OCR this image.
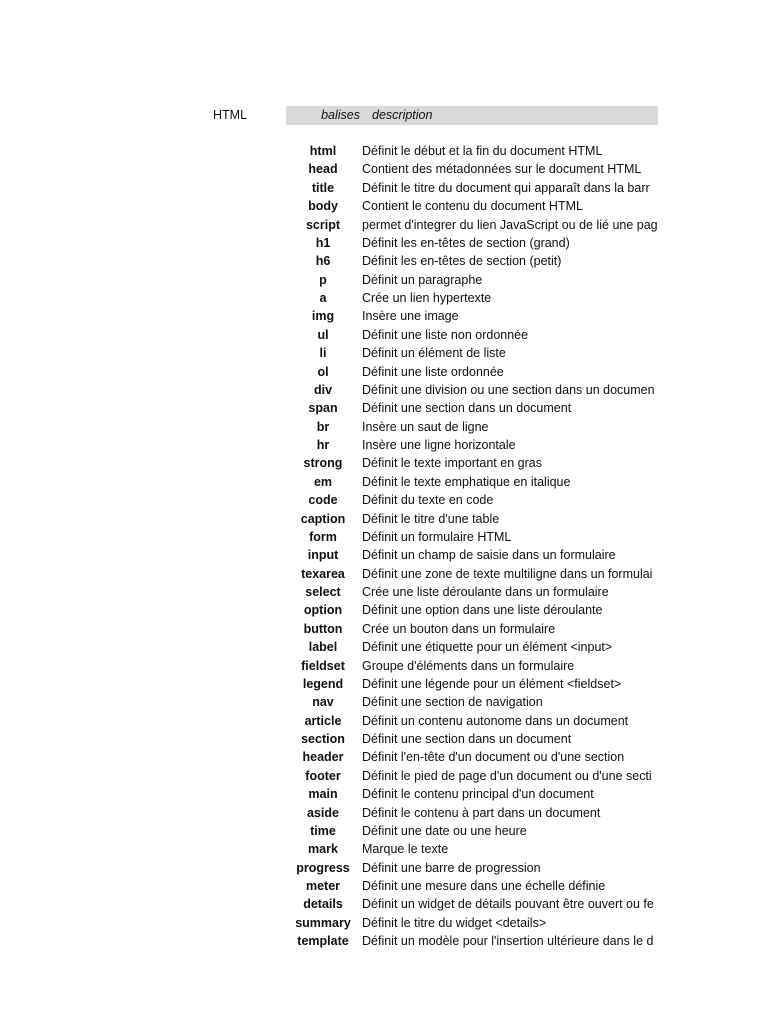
HTML	balises description
html	Définit le début et la fin du document HTML
head	Contient des métadonnées sur le document HTML
title	Définit le titre du document qui apparaît dans la barr
body	Contient le contenu du document HTML
script	permet d'integrer du lien JavaScript ou de lié une pag
h1	Définit les en-têtes de section (grand)
h6	Définit les en-têtes de section (petit)
p	Définit un paragraphe
a	Crée un lien hypertexte
img	Insère une image
ul	Définit une liste non ordonnée
li	Définit un élément de liste
ol	Définit une liste ordonnée
div	Définit une division ou une section dans un documen
span	Définit une section dans un document
br	Insère un saut de ligne
hr	Insère une ligne horizontale
strong	Définit le texte important en gras
em	Définit le texte emphatique en italique
code	Définit du texte en code
caption	Définit le titre d'une table
form	Définit un formulaire HTML
input	Définit un champ de saisie dans un formulaire
texarea	Définit une zone de texte multiligne dans un formulai
select	Crée une liste déroulante dans un formulaire
option	Définit une option dans une liste déroulante
button	Crée un bouton dans un formulaire
label	Définit une étiquette pour un élément <input>
fieldset	Groupe d'éléments dans un formulaire
legend	Définit une légende pour un élément <fieldset>
nav	Définit une section de navigation
article	Définit un contenu autonome dans un document
section	Définit une section dans un document
header	Définit l'en-tête d'un document ou d'une section
footer	Définit le pied de page d'un document ou d'une secti
main	Définit le contenu principal d'un document
aside	Définit le contenu à part dans un document
time	Définit une date ou une heure
mark	Marque le texte
progress Définit une barre de progression
meter	Définit une mesure dans une échelle définie
details	Définit un widget de détails pouvant être ouvert ou fe
summary Définit le titre du widget <details>
template	Définit un modèle pour l'insertion ultérieure dans le d
